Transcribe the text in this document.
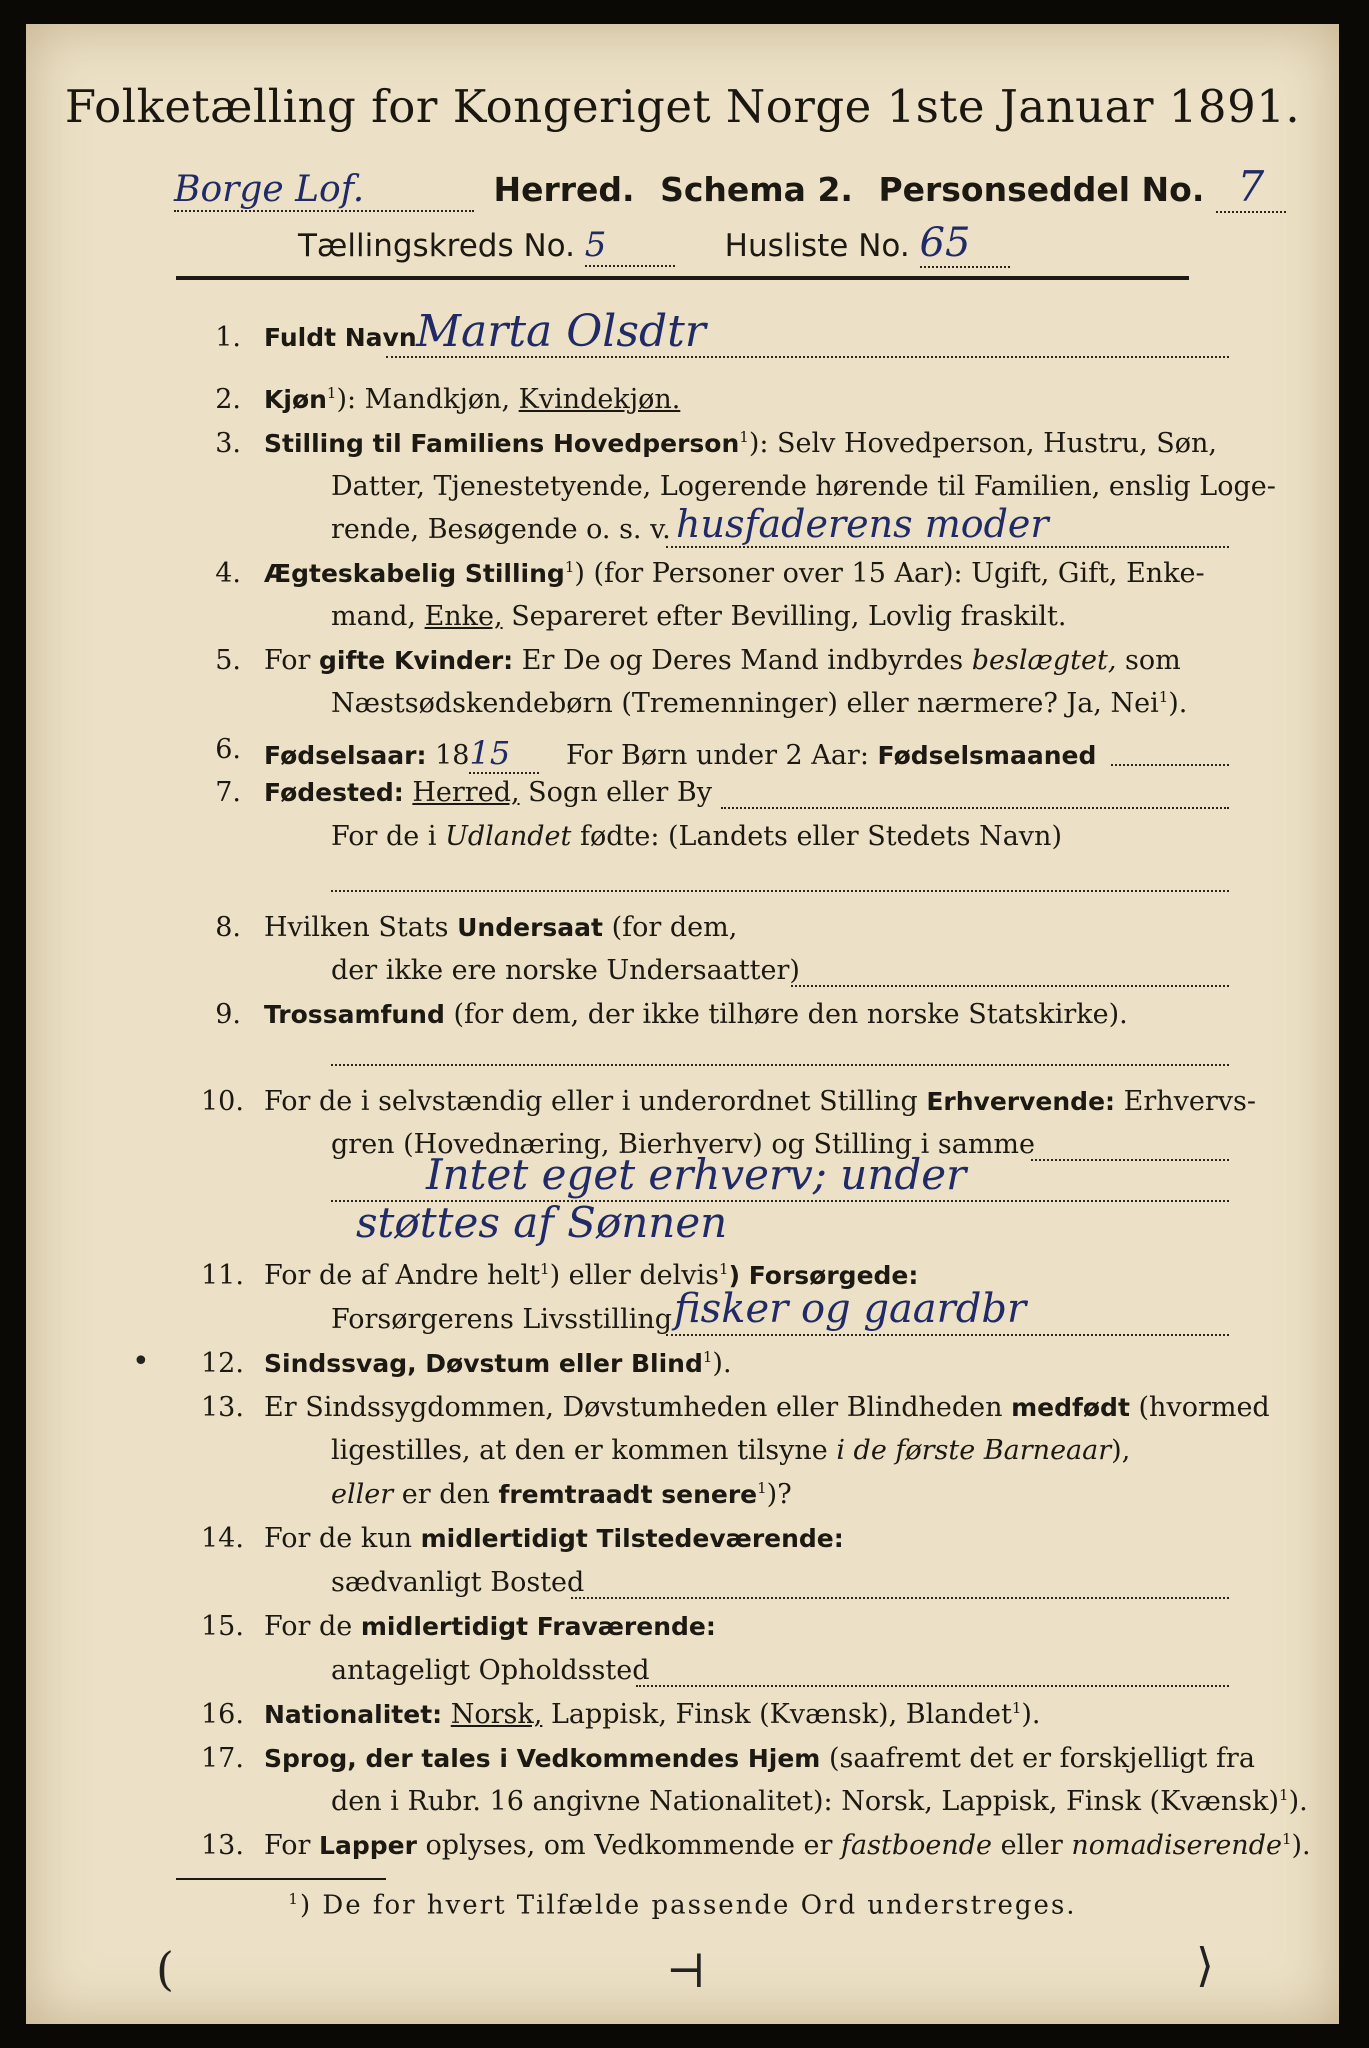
Folketælling for Kongeriget Norge 1ste Januar 1891.
Borge Lof.	Herred. Schema 2. Personseddel No. 7
Tællingskreds No. 5	Husliste No. 65
1. Fuldt Navn Marta Olsdtr
2. Kjøn$^1$): Mandkjøn, Kvindekjøn.
3. Stilling til Familiens Hovedperson$^1$): Selv Hovedperson, Hustru, Søn,
Datter, Tjenestetyende, Logerende hørende til Familien, enslig Loge-
rende, Besøgende o. s. v. husfaderens moder
4. Ægteskabelig Stilling$^1$) (for Personer over 15 Aar): Ugift, Gift, Enke-
mand, Enke, Separeret efter Bevilling, Lovlig fraskilt.
5. For gifte Kvinder: Er De og Deres Mand indbyrdes beslægtet, som
Næstsødskendebørn (Tremenninger) eller nærmere? Ja, Nei$^1$).
6. Fødselsaar: 1815 For Børn under 2 Aar: Fødselsmaaned
7. Fødested: Herred, Sogn eller By
For de i Udlandet fødte: (Landets eller Stedets Navn)
8. Hvilken Stats Undersaat (for dem,
der ikke ere norske Undersaatter)
9. Trossamfund (for dem, der ikke tilhøre den norske Statskirke).
10. For de i selvstændig eller i underordnet Stilling Erhvervende: Erhvervs-
gren (Hovednæring, Bierhverv) og Stilling i samme
Intet eget erhverv; under
støttes af Sønnen
11. For de af Andre helt$^1$) eller delvis$^1$) Forsørgede:
Forsørgerens Livsstilling fisker og gaardbr
• 12. Sindssvag, Døvstum eller Blind$^1$).
13. Er Sindssygdommen, Døvstumheden eller Blindheden medfødt (hvormed
ligestilles, at den er kommen tilsyne i de første Barneaar),
eller er den fremtraadt senere$^1$)?
14. For de kun midlertidigt Tilstedeværende:
sædvanligt Bosted
15. For de midlertidigt Fraværende:
antageligt Opholdssted
16. Nationalitet: Norsk, Lappisk, Finsk (Kvænsk), Blandet$^1$).
17. Sprog, der tales i Vedkommendes Hjem (saafremt det er forskjelligt fra
den i Rubr. 16 angivne Nationalitet): Norsk, Lappisk, Finsk (Kvænsk)$^1$).
13. For Lapper oplyses, om Vedkommende er fastboende eller nomadiserende$^1$).
$^1$) De for hvert Tilfælde passende Ord understreges.
(	⊣	⟩
